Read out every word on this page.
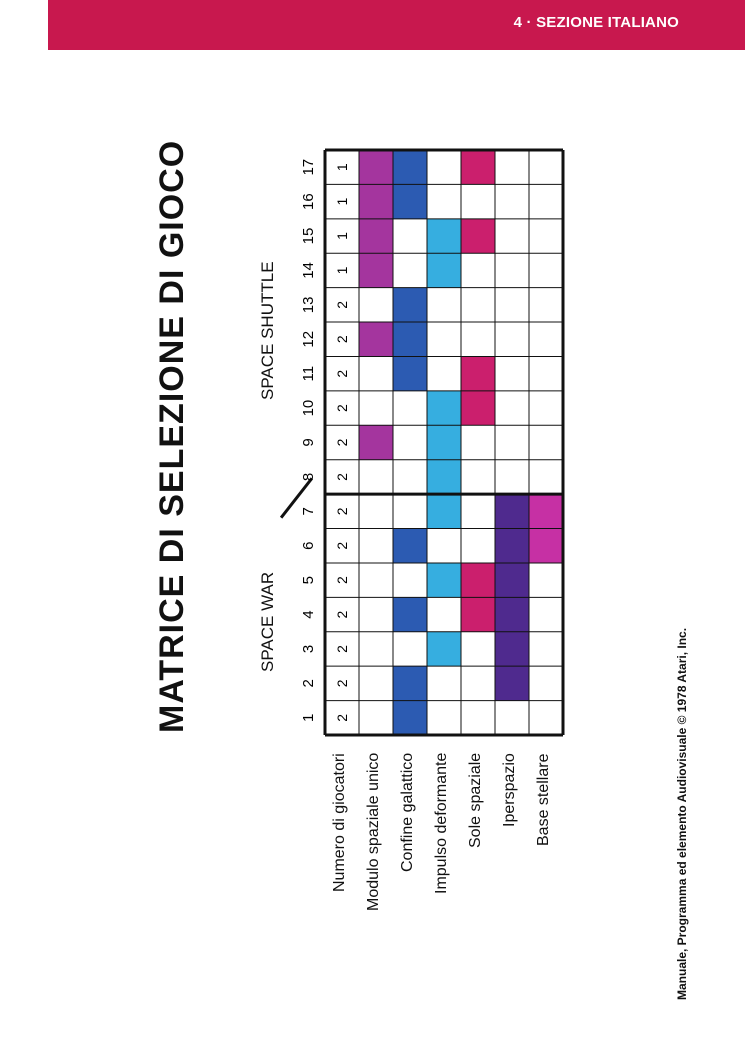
4 · SEZIONE ITALIANO
MATRICE DI SELEZIONE DI GIOCO	SPACE WAR
SPACE SHUTTLE
2
2
2
2
2
2
2
2
2
2
2
2
2
1
1
1
1
1
2
3
4
5
6
7
8
9
10
11
12
13
14
15
16
17
Numero di giocatori Modulo spaziale unico Confine galattico Impulso deformante Sole spaziale Iperspazio Base stellare	Manuale, Programma ed elemento Audiovisuale © 1978 Atari, Inc.
